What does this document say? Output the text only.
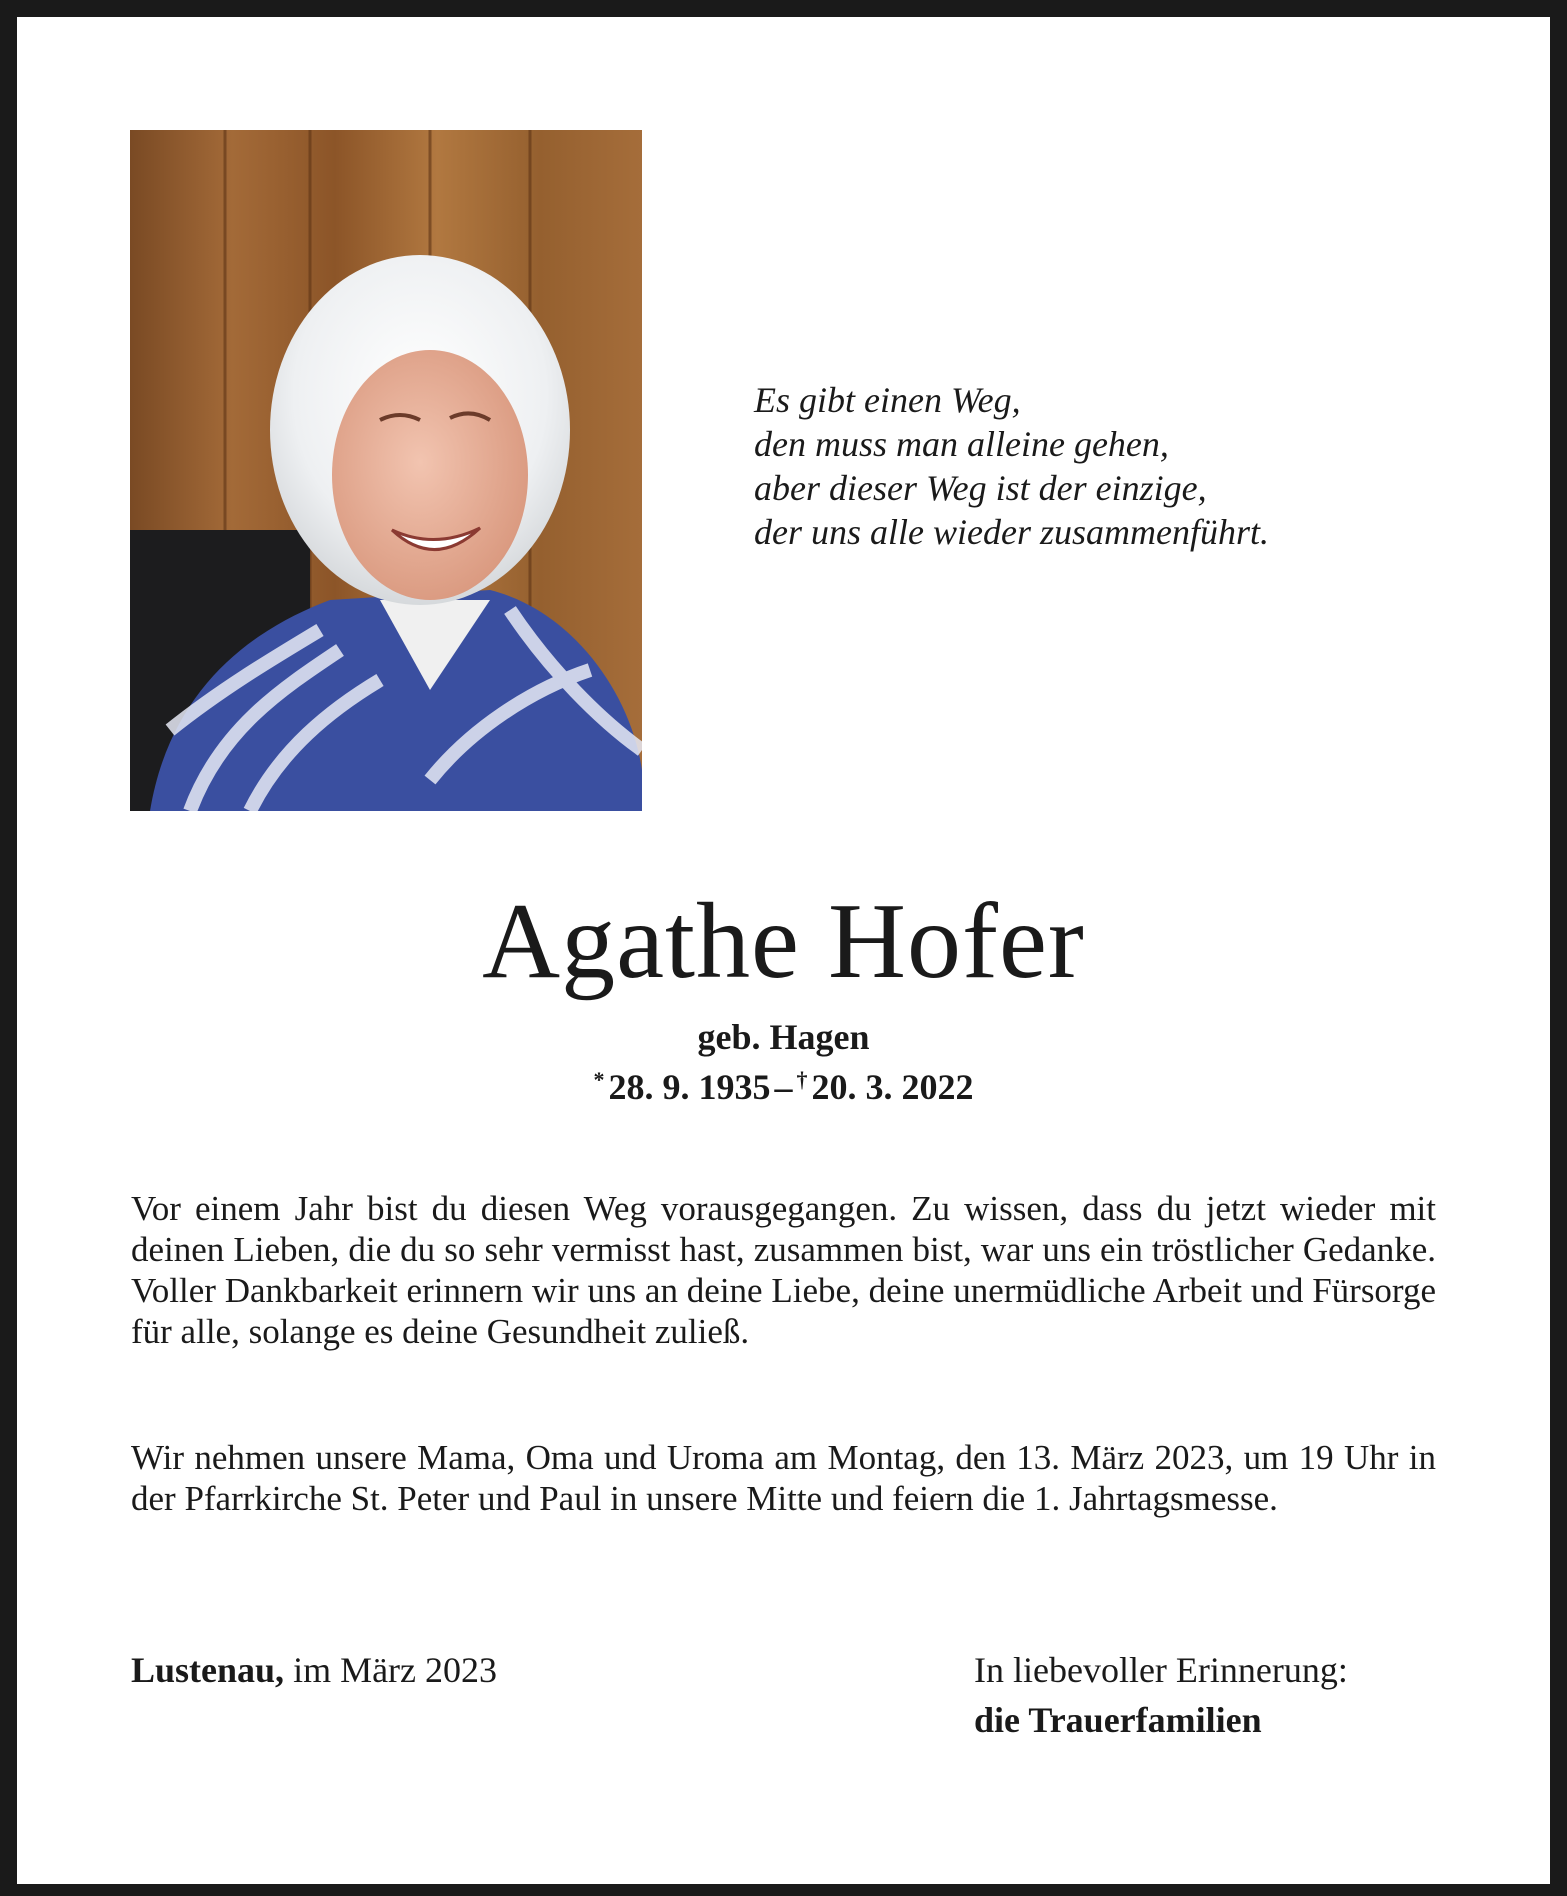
Es gibt einen Weg,
den muss man alleine gehen,
aber dieser Weg ist der einzige,
der uns alle wieder zusammenführt.
Agathe Hofer
geb. Hagen
* 28. 9. 1935 – † 20. 3. 2022

Vor einem Jahr bist du diesen Weg vorausgegangen. Zu wissen, dass du jetzt wieder mit deinen Lieben, die du so sehr vermisst hast, zusammen bist, war uns ein tröstlicher Gedanke. Voller Dankbarkeit erinnern wir uns an deine Liebe, deine unermüdliche Arbeit und Fürsorge für alle, solange es deine Gesundheit zuließ.

Wir nehmen unsere Mama, Oma und Uroma am Montag, den 13. März 2023, um 19 Uhr in der Pfarrkirche St. Peter und Paul in unsere Mitte und feiern die 1. Jahrtagsmesse.

Lustenau, im März 2023	In liebevoller Erinnerung:
die Trauerfamilien
